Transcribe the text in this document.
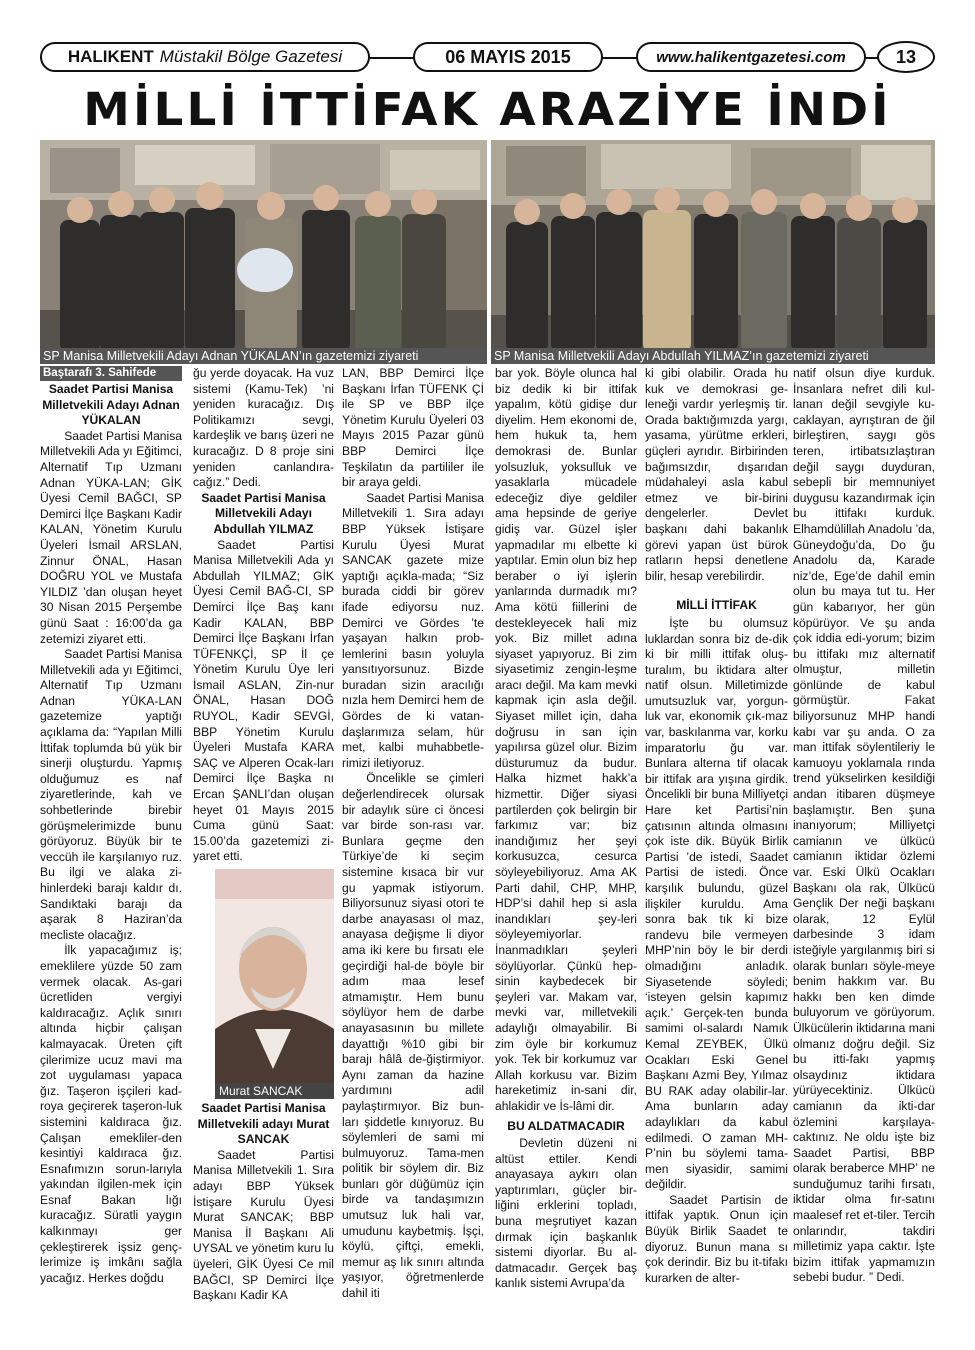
HALIKENT Müstakil Bölge Gazetesi	06 MAYIS 2015	www.halikentgazetesi.com	13
MİLLİ İTTİFAK ARAZİYE İNDİ
SP Manisa Milletvekili Adayı Adnan YÜKALAN’ın gazetemizi ziyareti	SP Manisa Milletvekili Adayı Abdullah YILMAZ’ın gazetemizi ziyareti
Baştarafı 3. Sahifede
Saadet Partisi Manisa Milletvekili Adayı Adnan YÜKALAN

Saadet Partisi Manisa Milletvekili Ada yı Eğitimci, Alternatif Tıp Uzmanı Adnan YÜKA-LAN; GİK Üyesi Cemil BAĞCI, SP Demirci İlçe Başkanı Kadir KALAN, Yönetim Kurulu Üyeleri İsmail ARSLAN, Zinnur ÖNAL, Hasan DOĞRU YOL ve Mustafa YILDIZ ’dan oluşan heyet 30 Nisan 2015 Perşembe günü Saat : 16:00’da ga zetemizi ziyaret etti.

Saadet Partisi Manisa Milletvekili ada yı Eğitimci, Alternatif Tıp Uzmanı Adnan YÜKA-LAN gazetemize yaptığı açıklama da: “Yapılan Milli İttifak toplumda bü yük bir sinerji oluşturdu. Yapmış olduğumuz es naf ziyaretlerinde, kah ve sohbetlerinde birebir görüşmelerimizde bunu görüyoruz. Büyük bir te veccüh ile karşılanıyo ruz. Bu ilgi ve alaka zi-hinlerdeki barajı kaldır dı. Sandıktaki barajı da aşarak 8 Haziran’da mecliste olacağız.

İlk yapacağımız iş; emeklilere yüzde 50 zam vermek olacak. As-gari ücretliden vergiyi kaldıracağız. Açlık sınırı altında hiçbir çalışan kalmayacak. Üreten çift çilerimize ucuz mavi ma zot uygulaması yapaca ğız. Taşeron işçileri kad-roya geçirerek taşeron-luk sistemini kaldıraca ğız. Çalışan emekliler-den kesintiyi kaldıraca ğız. Esnafımızın sorun-larıyla yakından ilgilen-mek için Esnaf Bakan lığı kuracağız. Süratli yaygın kalkınmayı ger çekleştirerek işsiz genç-lerimize iş imkânı sağla yacağız. Herkes doğdu

ğu yerde doyacak. Ha vuz sistemi (Kamu-Tek) ’ni yeniden kuracağız. Dış Politikamızı sevgi, kardeşlik ve barış üzeri ne kuracağız. D 8 proje sini yeniden canlandıra-cağız.” Dedi.

Saadet Partisi Manisa Milletvekili Adayı Abdullah YILMAZ

Saadet Partisi Manisa Milletvekili Ada yı Abdullah YILMAZ; GİK Üyesi Cemil BAĞ-CI, SP Demirci İlçe Baş kanı Kadir KALAN, BBP Demirci İlçe Başkanı İrfan TÜFENKÇİ, SP İl çe Yönetim Kurulu Üye leri İsmail ASLAN, Zin-nur ÖNAL, Hasan DOĞ RUYOL, Kadir SEVGİ, BBP Yönetim Kurulu Üyeleri Mustafa KARA SAÇ ve Alperen Ocak-ları Demirci İlçe Başka nı Ercan ŞANLI’dan oluşan heyet 01 Mayıs 2015 Cuma günü Saat: 15.00’da gazetemizi zi-yaret etti.

Murat SANCAK
Saadet Partisi Manisa Milletvekili adayı Murat SANCAK

Saadet Partisi Manisa Milletvekili 1. Sıra adayı BBP Yüksek İstişare Kurulu Üyesi Murat SANCAK; BBP Manisa İl Başkanı Ali UYSAL ve yönetim kuru lu üyeleri, GİK Üyesi Ce mil BAĞCI, SP Demirci İlçe Başkanı Kadir KA

LAN, BBP Demirci İlçe Başkanı İrfan TÜFENK Çİ ile SP ve BBP ilçe Yönetim Kurulu Üyeleri 03 Mayıs 2015 Pazar günü BBP Demirci İlçe Teşkilatın da partililer ile bir araya geldi.

Saadet Partisi Manisa Milletvekili 1. Sıra adayı BBP Yüksek İstişare Kurulu Üyesi Murat SANCAK gazete mize yaptığı açıkla-mada; “Siz burada ciddi bir görev ifade ediyorsu nuz. Demirci ve Gördes ’te yaşayan halkın prob-lemlerini basın yoluyla yansıtıyorsunuz. Bizde buradan sizin aracılığı nızla hem Demirci hem de Gördes de ki vatan-daşlarımıza selam, hür met, kalbi muhabbetle-rimizi iletiyoruz.

Öncelikle se çimleri değerlendirecek olursak bir adaylık süre ci öncesi var birde son-rası var. Bunlara geçme den Türkiye’de ki seçim sistemine kısaca bir vur gu yapmak istiyorum. Biliyorsunuz siyasi otori te darbe anayasası ol maz, anayasa değişme li diyor ama iki kere bu fırsatı ele geçirdiği hal-de böyle bir adım maa lesef atmamıştır. Hem bunu söylüyor hem de darbe anayasasının bu millete dayattığı %10 gibi bir barajı hâlâ de-ğiştirmiyor. Aynı zaman da hazine yardımını adil paylaştırmıyor. Biz bun-ları şiddetle kınıyoruz. Bu söylemleri de sami mi bulmuyoruz. Tama-men politik bir söylem dir. Biz bunları gör düğümüz için birde va tandaşımızın umutsuz luk hali var, umudunu kaybetmiş. İşçi, köylü, çiftçi, emekli, memur aş lık sınırı altında yaşıyor, öğretmenlerde dahil iti

bar yok. Böyle olunca hal biz dedik ki bir ittifak yapalım, kötü gidişe dur diyelim. Hem ekonomi de, hem hukuk ta, hem demokrasi de. Bunlar yolsuzluk, yoksulluk ve yasaklarla mücadele edeceğiz diye geldiler ama hepsinde de geriye gidiş var. Güzel işler yapmadılar mı elbette ki yaptılar. Emin olun biz hep beraber o iyi işlerin yanlarında durmadık mı? Ama kötü fiillerini de destekleyecek hali miz yok. Biz millet adına siyaset yapıyoruz. Bi zim siyasetimiz zengin-leşme aracı değil. Ma kam mevki kapmak için asla değil. Siyaset millet için, daha doğrusu in san için yapılırsa güzel olur. Bizim düsturumuz da budur. Halka hizmet hakk’a hizmettir. Diğer siyasi partilerden çok belirgin bir farkımız var; biz inandığımız her şeyi korkusuzca, cesurca söyleyebiliyoruz. Ama AK Parti dahil, CHP, MHP, HDP’si dahil hep si asla inandıkları şey-leri söyleyemiyorlar. İnanmadıkları şeyleri söylüyorlar. Çünkü hep-sinin kaybedecek bir şeyleri var. Makam var, mevki var, milletvekili adaylığı olmayabilir. Bi zim öyle bir korkumuz yok. Tek bir korkumuz var Allah korkusu var. Bizim hareketimiz in-sani dir, ahlakidir ve İs-lâmi dir.

BU ALDATMACADIR

Devletin düzeni ni altüst ettiler. Kendi anayasaya aykırı olan yaptırımları, güçler bir-liğini erklerini topladı, buna meşrutiyet kazan dırmak için başkanlık sistemi diyorlar. Bu al-datmacadır. Gerçek baş kanlık sistemi Avrupa’da

ki gibi olabilir. Orada hu kuk ve demokrasi ge-leneği vardır yerleşmiş tir. Orada baktığımızda yargı, yasama, yürütme erkleri, güçleri ayrıdır. Birbirinden bağımsızdır, dışarıdan müdahaleyi asla kabul etmez ve bir-birini dengelerler. Devlet başkanı dahi bakanlık görevi yapan üst bürok ratların hepsi denetlene bilir, hesap verebilirdir.

MİLLİ İTTİFAK

İşte bu olumsuz luklardan sonra biz de-dik ki bir milli ittifak oluş-turalım, bu iktidara alter natif olsun. Milletimizde umutsuzluk var, yorgun-luk var, ekonomik çık-maz var, baskılanma var, korku imparatorlu ğu var. Bunlara alterna tif olacak bir ittifak ara yışına girdik. Öncelikli bir buna Milliyetçi Hare ket Partisi’nin çatısının altında olmasını çok iste dik. Büyük Birlik Partisi ’de istedi, Saadet Partisi de istedi. Önce karşılık bulundu, güzel ilişkiler kuruldu. Ama sonra bak tık ki bize randevu bile vermeyen MHP’nin böy le bir derdi olmadığını anladık. Siyasetende söyledi; ‘isteyen gelsin kapımız açık.’ Gerçek-ten bunda samimi ol-salardı Namık Kemal ZEYBEK, Ülkü Ocakları Eski Genel Başkanı Azmi Bey, Yılmaz BU RAK aday olabilir-lar. Ama bunların aday adaylıkları da kabul edilmedi. O zaman MH-P’nin bu söylemi tama-men siyasidir, samimi değildir.

Saadet Partisin de ittifak yaptık. Onun için Büyük Birlik Saadet te diyoruz. Bunun mana sı çok derindir. Biz bu it-tifakı kurarken de alter-

natif olsun diye kurduk. İnsanlara nefret dili kul-lanan değil sevgiyle ku-caklayan, ayrıştıran de ğil birleştiren, saygı gös teren, irtibatsızlaştıran değil saygı duyduran, sebepli bir memnuniyet duygusu kazandırmak için bu ittifakı kurduk. Elhamdülillah Anadolu ’da, Güneydoğu’da, Do ğu Anadolu da, Karade niz’de, Ege’de dahil emin olun bu maya tut tu. Her gün kabarıyor, her gün köpürüyor. Ve şu anda çok iddia edi-yorum; bizim bu ittifakı mız alternatif olmuştur, milletin gönlünde de kabul görmüştür. Fakat biliyorsunuz MHP handi kabı var şu anda. O za man ittifak söylentileriy le kamuoyu yoklamala rında trend yükselirken kesildiği andan itibaren düşmeye başlamıştır. Ben şuna inanıyorum; Milliyetçi camianın ve ülkücü camianın iktidar özlemi var. Eski Ülkü Ocakları Başkanı ola rak, Ülkücü Gençlik Der neği başkanı olarak, 12 Eylül darbesinde 3 idam isteğiyle yargılanmış biri si olarak bunları söyle-meye benim hakkım var. Bu hakkı ben ken dimde buluyorum ve görüyorum. Ülkücülerin iktidarına mani olmanız doğru değil. Siz bu itti-fakı yapmış olsaydınız iktidara yürüyecektiniz. Ülkücü camianın da ikti-dar özlemini karşılaya-caktınız. Ne oldu işte biz Saadet Partisi, BBP olarak beraberce MHP’ ne sunduğumuz tarihi fırsatı, iktidar olma fır-satını maalesef ret et-tiler. Tercih onlarındır, takdiri milletimiz yapa caktır. İşte bizim ittifak yapmamızın sebebi budur. ” Dedi.
